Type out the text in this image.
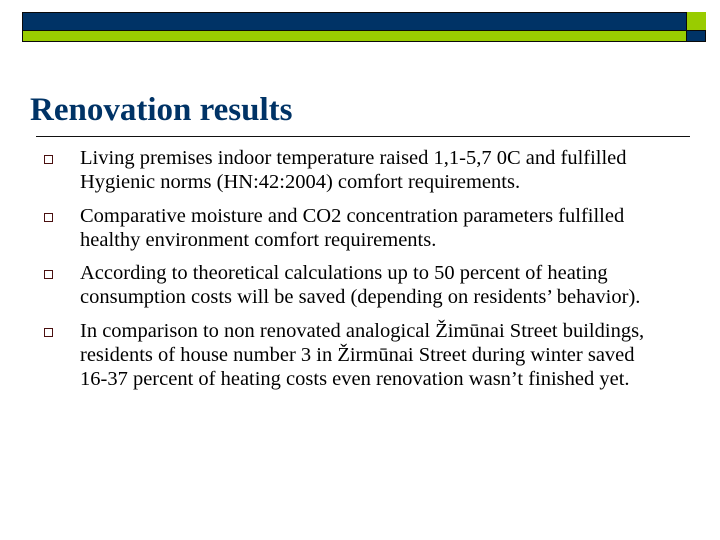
Renovation results
Living premises indoor temperature raised 1,1-5,7 0C and fulfilled Hygienic norms (HN:42:2004) comfort requirements.
Comparative moisture and CO2 concentration parameters fulfilled healthy environment comfort requirements.
According to theoretical calculations up to 50 percent of heating consumption costs will be saved (depending on residents’ behavior).
In comparison to non renovated analogical Žimūnai Street buildings, residents of house number 3 in Žirmūnai Street during winter saved 16-37 percent of heating costs even renovation wasn’t finished yet.
